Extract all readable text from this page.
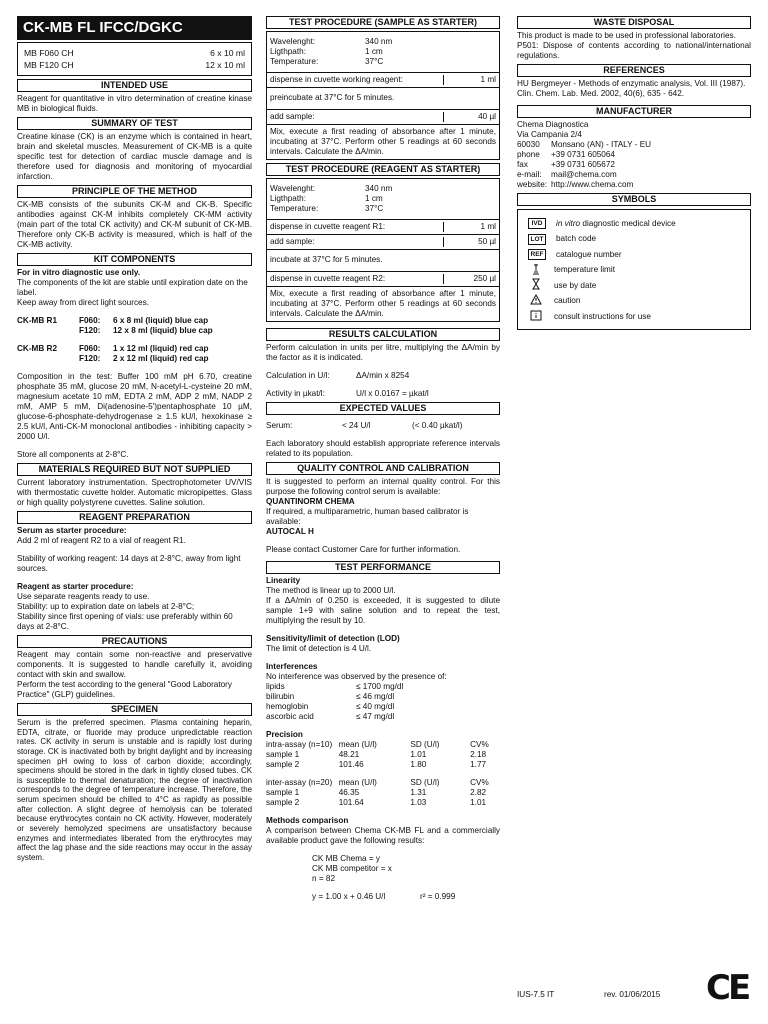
CK-MB FL IFCC/DGKC
MB F060 CH	6 x 10 ml
MB F120 CH	12 x 10 ml
INTENDED USE

Reagent for quantitative in vitro determination of creatine kinase MB in biological fluids.

SUMMARY OF TEST

Creatine kinase (CK) is an enzyme which is contained in heart, brain and skeletal muscles. Measurement of CK-MB is a quite specific test for detection of cardiac muscle damage and is therefore used for diagnosis and monitoring of myocardial infarction.

PRINCIPLE OF THE METHOD

CK-MB consists of the subunits CK-M and CK-B. Specific antibodies against CK-M inhibits completely CK-MM activity (main part of the total CK activity) and CK-M subunit of CK-MB. Therefore only CK-B activity is measured, which is half of the CK-MB activity.

KIT COMPONENTS

For in vitro diagnostic use only.

The components of the kit are stable until expiration date on the label.

Keep away from direct light sources.

CK-MB R1	F060:	6 x 8 ml (liquid) blue cap
F120:	12 x 8 ml (liquid) blue cap
CK-MB R2	F060:	1 x 12 ml (liquid) red cap
F120:	2 x 12 ml (liquid) red cap

Composition in the test: Buffer 100 mM pH 6.70, creatine phosphate 35 mM, glucose 20 mM, N-acetyl-L-cysteine 20 mM, magnesium acetate 10 mM, EDTA 2 mM, ADP 2 mM, NADP 2 mM, AMP 5 mM, Di(adenosine-5')pentaphosphate 10 µM, glucose-6-phosphate-dehydrogenase ≥ 1.5 kU/l, hexokinase ≥ 2.5 kU/l, Anti-CK-M monoclonal antibodies - inhibiting capacity > 2000 U/l.

Store all components at 2-8°C.

MATERIALS REQUIRED BUT NOT SUPPLIED

Current laboratory instrumentation. Spectrophotometer UV/VIS with thermostatic cuvette holder. Automatic micropipettes. Glass or high quality polystyrene cuvettes. Saline solution.

REAGENT PREPARATION

Serum as starter procedure:

Add 2 ml of reagent R2 to a vial of reagent R1.

Stability of working reagent: 14 days at 2-8°C, away from light sources.

Reagent as starter procedure:

Use separate reagents ready to use.

Stability: up to expiration date on labels at 2-8°C;

Stability since first opening of vials: use preferably within 60 days at 2-8°C.

PRECAUTIONS

Reagent may contain some non-reactive and preservative components. It is suggested to handle carefully it, avoiding contact with skin and swallow.

Perform the test according to the general "Good Laboratory Practice" (GLP) guidelines.

SPECIMEN

Serum is the preferred specimen. Plasma containing heparin, EDTA, citrate, or fluoride may produce unpredictable reaction rates. CK activity in serum is unstable and is rapidly lost during storage. CK is inactivated both by bright daylight and by increasing specimen pH owing to loss of carbon dioxide; accordingly, specimens should be stored in the dark in tightly closed tubes. CK is susceptible to thermal denaturation; the degree of inactivation corresponds to the degree of temperature increase. Therefore, the serum specimen should be chilled to 4°C as rapidly as possible after collection. A slight degree of hemolysis can be tolerated because erythrocytes contain no CK activity. However, moderately or severely hemolyzed specimens are unsatisfactory because enzymes and intermediates liberated from the erythrocytes may affect the lag phase and the side reactions may occur in the assay system.

TEST PROCEDURE (SAMPLE AS STARTER)
Wavelenght:	340 nm
Ligthpath:	1 cm
Temperature:	37°C
dispense in cuvette working reagent:	1 ml
preincubate at 37°C for 5 minutes.
add sample:	40 µl
Mix, execute a first reading of absorbance after 1 minute, incubating at 37°C. Perform other 5 readings at 60 seconds intervals. Calculate the ΔA/min.
TEST PROCEDURE (REAGENT AS STARTER)
Wavelenght:	340 nm
Ligthpath:	1 cm
Temperature:	37°C
dispense in cuvette reagent R1:	1 ml
add sample:	50 µl
incubate at 37°C for 5 minutes.
dispense in cuvette reagent R2:	250 µl
Mix, execute a first reading of absorbance after 1 minute, incubating at 37°C. Perform other 5 readings at 60 seconds intervals. Calculate the ΔA/min.
RESULTS CALCULATION

Perform calculation in units per litre, multiplying the ΔA/min by the factor as it is indicated.

Calculation in U/l:	ΔA/min x 8254
Activity in µkat/l:	U/l x 0.0167 = µkat/l
EXPECTED VALUES
Serum:	< 24 U/l	(< 0.40 µkat/l)

Each laboratory should establish appropriate reference intervals related to its population.

QUALITY CONTROL AND CALIBRATION

It is suggested to perform an internal quality control. For this purpose the following control serum is available:

QUANTINORM CHEMA

If required, a multiparametric, human based calibrator is available:

AUTOCAL H

Please contact Customer Care for further information.

TEST PERFORMANCE

Linearity

The method is linear up to 2000 U/l.

If a ΔA/min of 0.250 is exceeded, it is suggested to dilute sample 1+9 with saline solution and to repeat the test, multiplying the result by 10.

Sensitivity/limit of detection (LOD)

The limit of detection is 4 U/l.

Interferences

No interference was observed by the presence of:

lipids	≤ 1700 mg/dl
bilirubin	≤ 46 mg/dl
hemoglobin	≤ 40 mg/dl
ascorbic acid	≤ 47 mg/dl

Precision

intra-assay (n=10) mean (U/l)	SD (U/l)	CV%
sample 1	48.21	1.01	2.18
sample 2	101.46	1.80	1.77
inter-assay (n=20) mean (U/l)	SD (U/l)	CV%
sample 1	46.35	1.31	2.82
sample 2	101.64	1.03	1.01

Methods comparison

A comparison between Chema CK-MB FL and a commercially available product gave the following results:

CK MB Chema = y

CK MB competitor = x

n = 82

y = 1.00 x + 0.46 U/l	r² = 0.999
WASTE DISPOSAL

This product is made to be used in professional laboratories.

P501: Dispose of contents according to national/international regulations.

REFERENCES

HU Bergmeyer - Methods of enzymatic analysis, Vol. III (1987).

Clin. Chem. Lab. Med. 2002, 40(6), 635 - 642.

MANUFACTURER

Chema Diagnostica

Via Campania 2/4

60030	Monsano (AN) - ITALY - EU
phone	+39 0731 605064
fax	+39 0731 605672
e-mail:	mail@chema.com
website: http://www.chema.com
SYMBOLS
IVD	in vitro diagnostic medical device
LOT	batch code
REF	catalogue number
temperature limit
use by date
caution
consult instructions for use
IUS-7.5 IT	rev. 01/06/2015 CE
